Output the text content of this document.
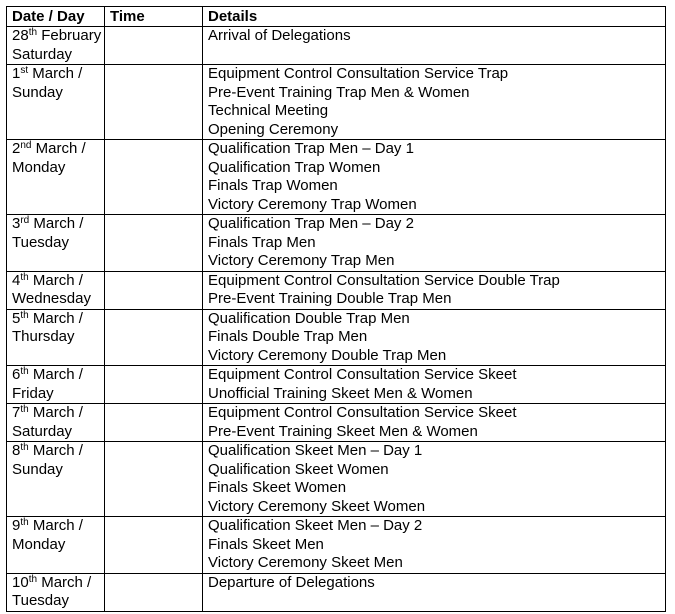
Date / Day	Time	Details

28th February
Saturday		Arrival of Delegations

1st March /
Sunday		Equipment Control Consultation Service Trap
Pre-Event Training Trap Men & Women
Technical Meeting
Opening Ceremony

2nd March /
Monday		Qualification Trap Men – Day 1
Qualification Trap Women
Finals Trap Women
Victory Ceremony Trap Women

3rd March /
Tuesday		Qualification Trap Men – Day 2
Finals Trap Men
Victory Ceremony Trap Men

4th March /
Wednesday		Equipment Control Consultation Service Double Trap
Pre-Event Training Double Trap Men

5th March /
Thursday		Qualification Double Trap Men
Finals Double Trap Men
Victory Ceremony Double Trap Men

6th March /
Friday		Equipment Control Consultation Service Skeet
Unofficial Training Skeet Men & Women

7th March /
Saturday		Equipment Control Consultation Service Skeet
Pre-Event Training Skeet Men & Women

8th March /
Sunday		Qualification Skeet Men – Day 1
Qualification Skeet Women
Finals Skeet Women
Victory Ceremony Skeet Women

9th March /
Monday		Qualification Skeet Men – Day 2
Finals Skeet Men
Victory Ceremony Skeet Men

10th March /
Tuesday		Departure of Delegations
